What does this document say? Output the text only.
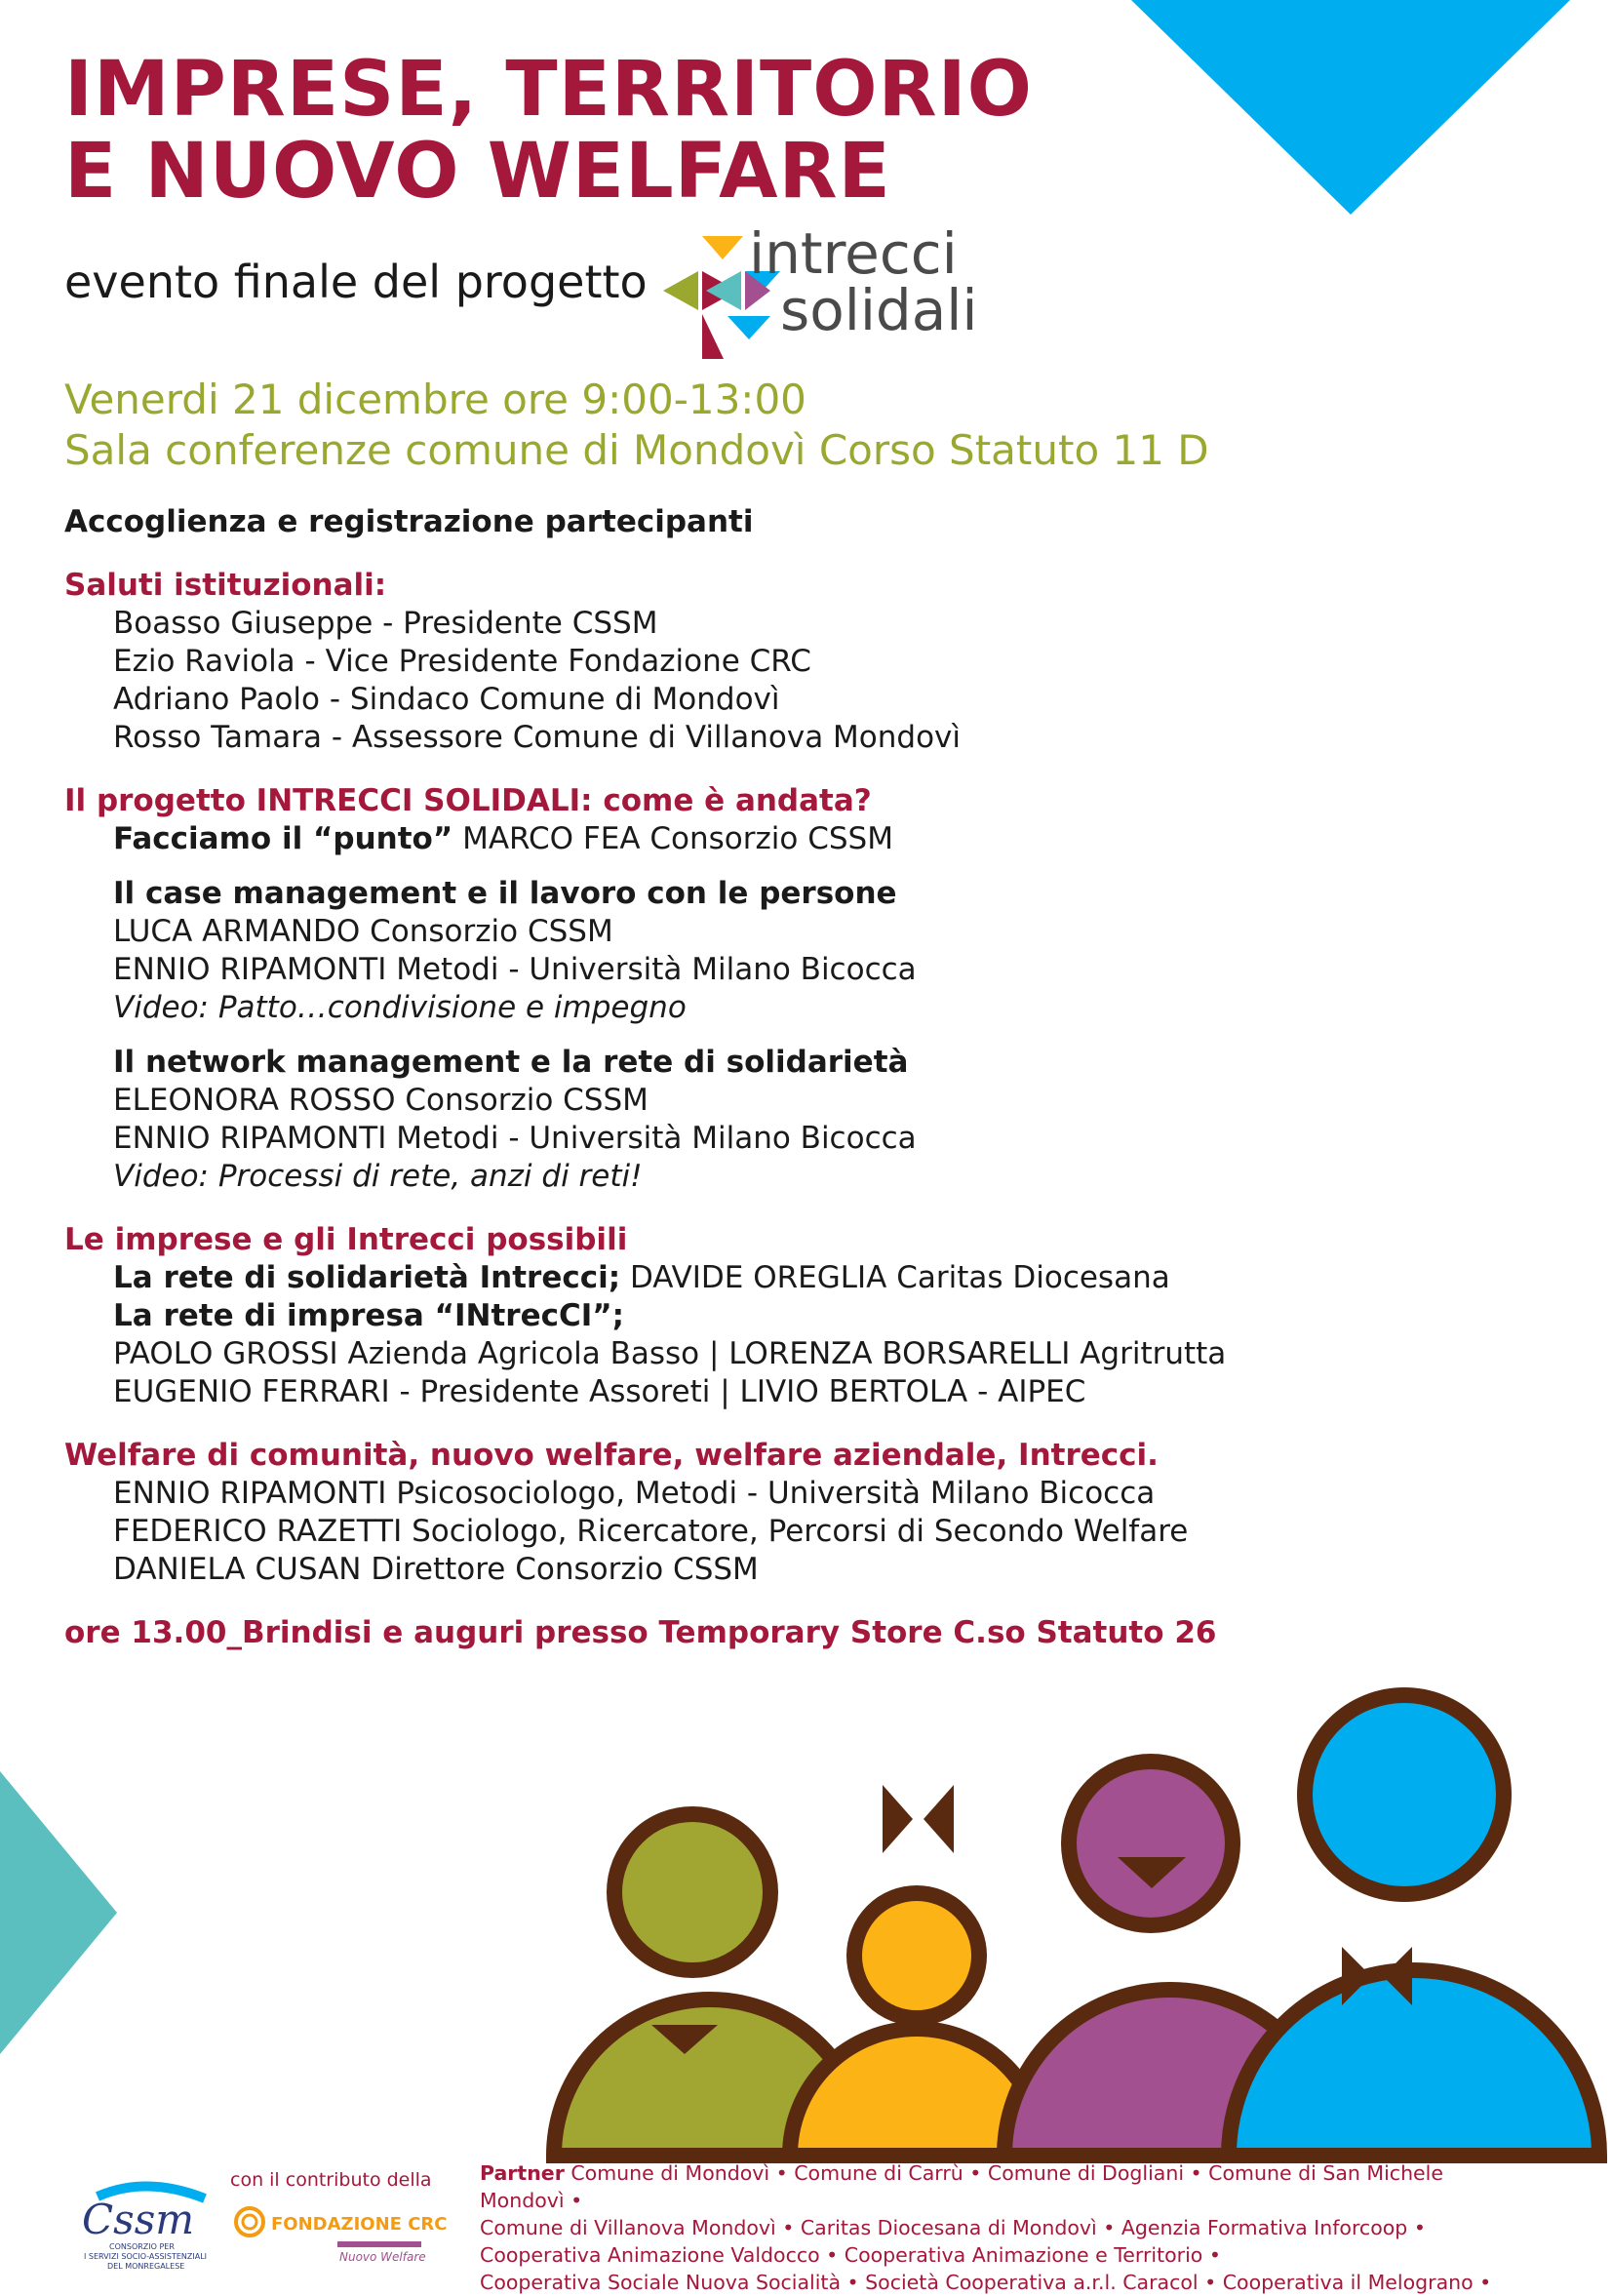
IMPRESE, TERRITORIO
E NUOVO WELFARE
evento finale del progetto intrecci
solidali
Venerdi 21 dicembre ore 9:00-13:00
Sala conferenze comune di Mondovì Corso Statuto 11 D
Accoglienza e registrazione partecipanti
Saluti istituzionali:
Boasso Giuseppe - Presidente CSSM
Ezio Raviola - Vice Presidente Fondazione CRC
Adriano Paolo - Sindaco Comune di Mondovì
Rosso Tamara - Assessore Comune di Villanova Mondovì
Il progetto INTRECCI SOLIDALI: come è andata?
Facciamo il “punto” MARCO FEA Consorzio CSSM
Il case management e il lavoro con le persone
LUCA ARMANDO Consorzio CSSM
ENNIO RIPAMONTI Metodi - Università Milano Bicocca
Video: Patto…condivisione e impegno
Il network management e la rete di solidarietà
ELEONORA ROSSO Consorzio CSSM
ENNIO RIPAMONTI Metodi - Università Milano Bicocca
Video: Processi di rete, anzi di reti!
Le imprese e gli Intrecci possibili
La rete di solidarietà Intrecci; DAVIDE OREGLIA Caritas Diocesana
La rete di impresa “INtrecCI”;
PAOLO GROSSI Azienda Agricola Basso | LORENZA BORSARELLI Agritrutta
EUGENIO FERRARI - Presidente Assoreti | LIVIO BERTOLA - AIPEC
Welfare di comunità, nuovo welfare, welfare aziendale, Intrecci.
ENNIO RIPAMONTI Psicosociologo, Metodi - Università Milano Bicocca
FEDERICO RAZETTI Sociologo, Ricercatore, Percorsi di Secondo Welfare
DANIELA CUSAN Direttore Consorzio CSSM
ore 13.00_Brindisi e auguri presso Temporary Store C.so Statuto 26
Cssm
CONSORZIO PER
I SERVIZI SOCIO-ASSISTENZIALI
DEL MONREGALESE
con il contributo della
FONDAZIONE CRC
Nuovo Welfare
Partner Comune di Mondovì • Comune di Carrù • Comune di Dogliani • Comune di San Michele Mondovì •
Comune di Villanova Mondovì • Caritas Diocesana di Mondovì • Agenzia Formativa Inforcoop •
Cooperativa Animazione Valdocco • Cooperativa Animazione e Territorio •
Cooperativa Sociale Nuova Socialità • Società Cooperativa a.r.l. Caracol • Cooperativa il Melograno •
